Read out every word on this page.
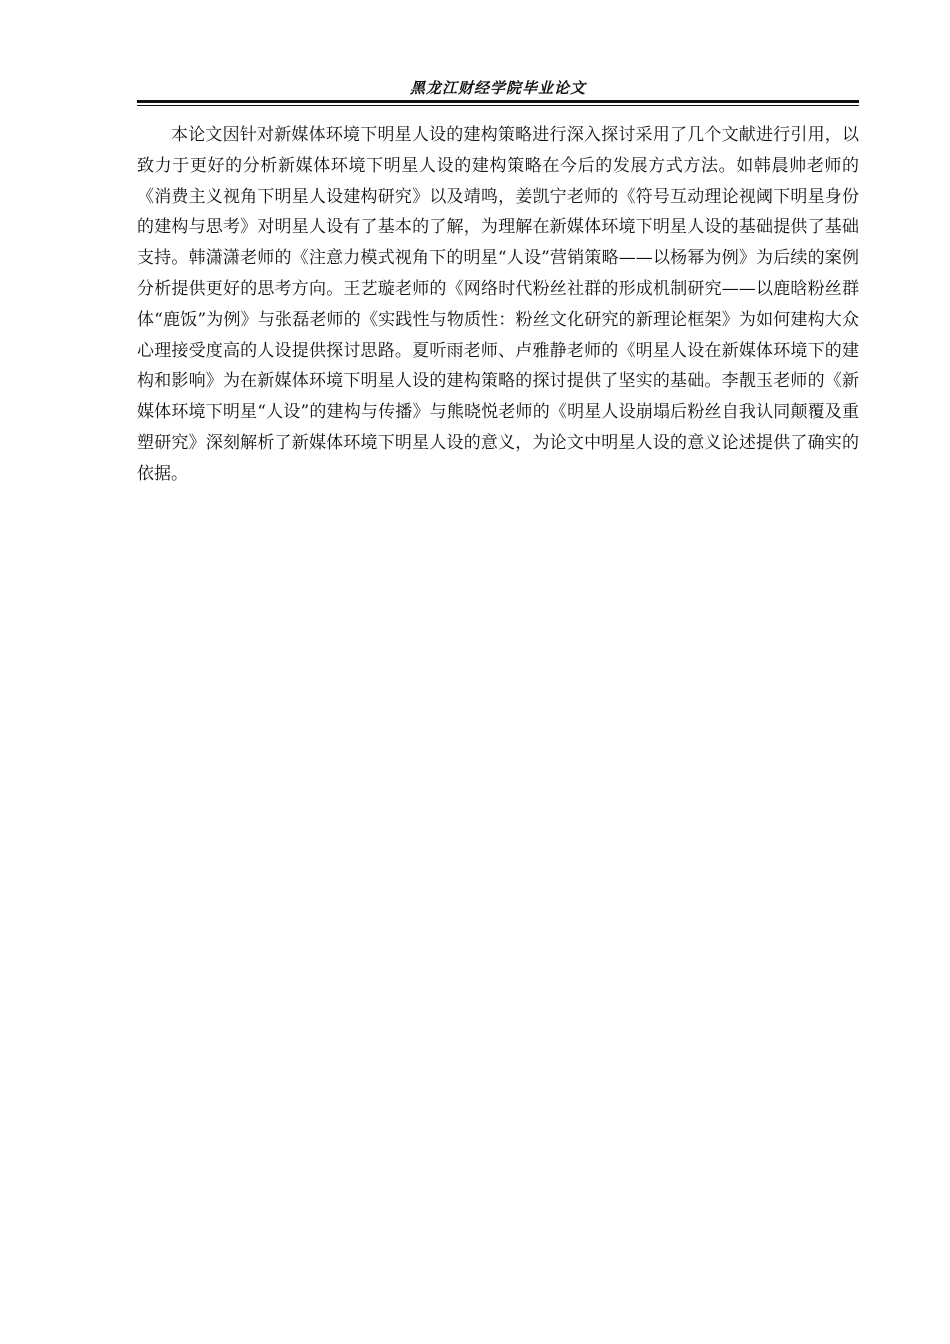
黑龙江财经学院毕业论文

本论文因针对新媒体环境下明星人设的建构策略进行深入探讨采用了几个文献进行引用，以致力于更好的分析新媒体环境下明星人设的建构策略在今后的发展方式方法。如韩晨帅老师的《消费主义视角下明星人设建构研究》以及靖鸣，姜凯宁老师的《符号互动理论视阈下明星身份的建构与思考》对明星人设有了基本的了解，为理解在新媒体环境下明星人设的基础提供了基础支持。韩潇潇老师的《注意力模式视角下的明星“人设”营销策略——以杨幂为例》为后续的案例分析提供更好的思考方向。王艺璇老师的《网络时代粉丝社群的形成机制研究——以鹿晗粉丝群体“鹿饭”为例》与张磊老师的《实践性与物质性：粉丝文化研究的新理论框架》为如何建构大众心理接受度高的人设提供探讨思路。夏听雨老师、卢雅静老师的《明星人设在新媒体环境下的建构和影响》为在新媒体环境下明星人设的建构策略的探讨提供了坚实的基础。李靓玉老师的《新媒体环境下明星“人设”的建构与传播》与熊晓悦老师的《明星人设崩塌后粉丝自我认同颠覆及重塑研究》深刻解析了新媒体环境下明星人设的意义，为论文中明星人设的意义论述提供了确实的依据。
